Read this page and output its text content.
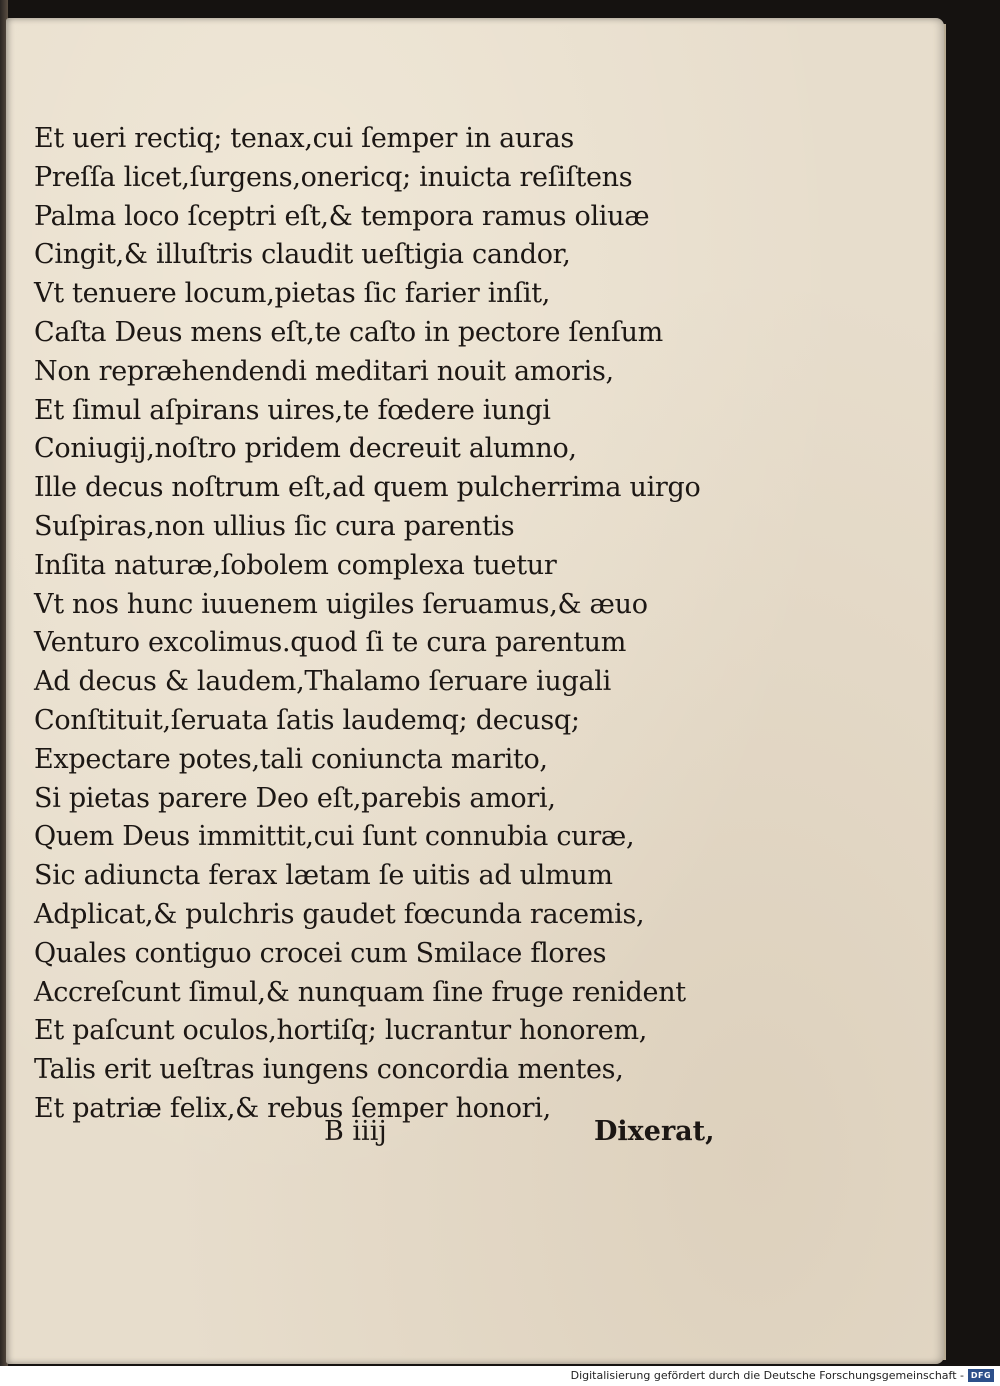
Et ueri rectiq; tenax,cui ſemper in auras
Preſſa licet,ſurgens,onericq; inuicta reſiſtens
Palma loco ſceptri eſt,& tempora ramus oliuæ
Cingit,& illuſtris claudit ueſtigia candor,
Vt tenuere locum,pietas ſic farier inſit,
Caſta Deus mens eſt,te caſto in pectore ſenſum
Non repræhendendi meditari nouit amoris,
Et ſimul aſpirans uires,te fœdere iungi
Coniugij,noſtro pridem decreuit alumno,
Ille decus noſtrum eſt,ad quem pulcherrima uirgo
Suſpiras,non ullius ſic cura parentis
Inſita naturæ,ſobolem complexa tuetur
Vt nos hunc iuuenem uigiles ſeruamus,& æuo
Venturo excolimus.quod ſi te cura parentum
Ad decus & laudem,Thalamo ſeruare iugali
Conſtituit,ſeruata ſatis laudemq; decusq;
Expectare potes,tali coniuncta marito,
Si pietas parere Deo eſt,parebis amori,
Quem Deus immittit,cui ſunt connubia curæ,
Sic adiuncta ferax lætam ſe uitis ad ulmum
Adplicat,& pulchris gaudet fœcunda racemis,
Quales contiguo crocei cum Smilace flores
Accreſcunt ſimul,& nunquam ſine fruge renident
Et paſcunt oculos,hortiſq; lucrantur honorem,
Talis erit ueſtras iungens concordia mentes,
Et patriæ felix,& rebus ſemper honori,
B iiij	Dixerat,
Digitalisierung gefördert durch die Deutsche Forschungsgemeinschaft - DFG
